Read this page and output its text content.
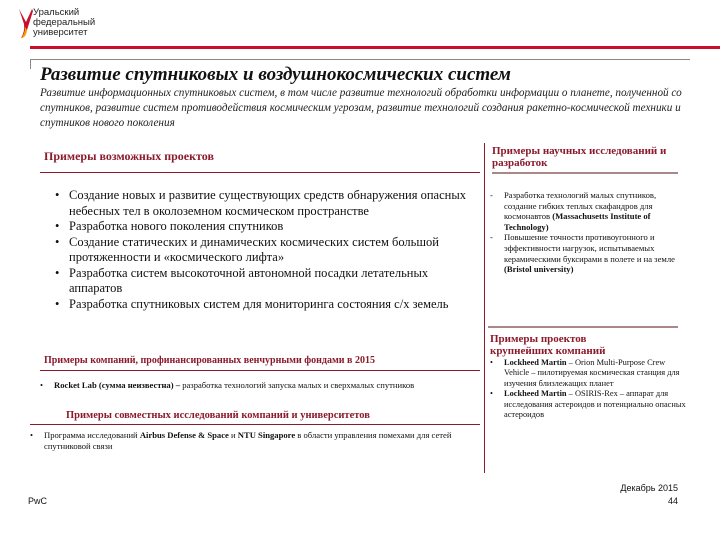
Уральский
федеральный
университет
Развитие спутниковых и воздушнокосмических систем
Развитие информационных спутниковых систем, в том числе развитие технологий обработки информации о планете, полученной со спутников, развитие систем противодействия космическим угрозам, развитие технологий создания ракетно-космической техники и спутников нового поколения
Примеры возможных проектов
• Создание новых и развитие существующих средств обнаружения опасных небесных тел в околоземном космическом пространстве
• Разработка нового поколения спутников
• Создание статических и динамических космических систем большой протяженности и «космического лифта»
• Разработка систем высокоточной автономной посадки летательных аппаратов
• Разработка спутниковых систем для мониторинга состояния с/х земель
Примеры научных исследований и разработок
- Разработка технологий малых спутников, создание гибких теплых скафандров для космонавтов (Massachusetts Institute of Technology)
- Повышение точности противоугонного и эффективности нагрузок, испытываемых керамическими буксирами в полете и на земле (Bristol university)
Примеры проектов крупнейших компаний
• Lockheed Martin – Orion Multi-Purpose Crew Vehicle – пилотируемая космическая станция для изучения близлежащих планет
• Lockheed Martin – OSIRIS-Rex – аппарат для исследования астероидов и потенциально опасных астероидов
Примеры компаний, профинансированных венчурными фондами в 2015
• Rocket Lab (сумма неизвестна) – разработка технологий запуска малых и сверхмалых спутников
Примеры совместных исследований компаний и университетов
• Программа исследований Airbus Defense & Space и NTU Singapore в области управления помехами для сетей спутниковой связи
PwC
Декабрь 2015
44
